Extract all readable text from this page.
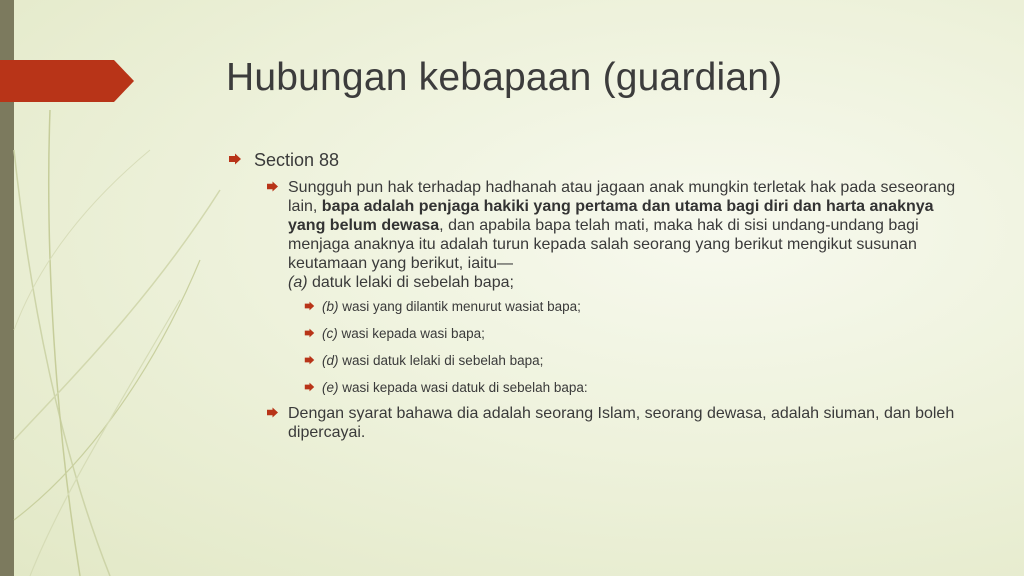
Hubungan kebapaan (guardian)
Section 88
Sungguh pun hak terhadap hadhanah atau jagaan anak mungkin terletak hak pada seseorang lain, bapa adalah penjaga hakiki yang pertama dan utama bagi diri dan harta anaknya yang belum dewasa, dan apabila bapa telah mati, maka hak di sisi undang-undang bagi menjaga anaknya itu adalah turun kepada salah seorang yang berikut mengikut susunan keutamaan yang berikut, iaitu—
(a) datuk lelaki di sebelah bapa;
(b) wasi yang dilantik menurut wasiat bapa;
(c) wasi kepada wasi bapa;
(d) wasi datuk lelaki di sebelah bapa;
(e) wasi kepada wasi datuk di sebelah bapa:
Dengan syarat bahawa dia adalah seorang Islam, seorang dewasa, adalah siuman, dan boleh dipercayai.
